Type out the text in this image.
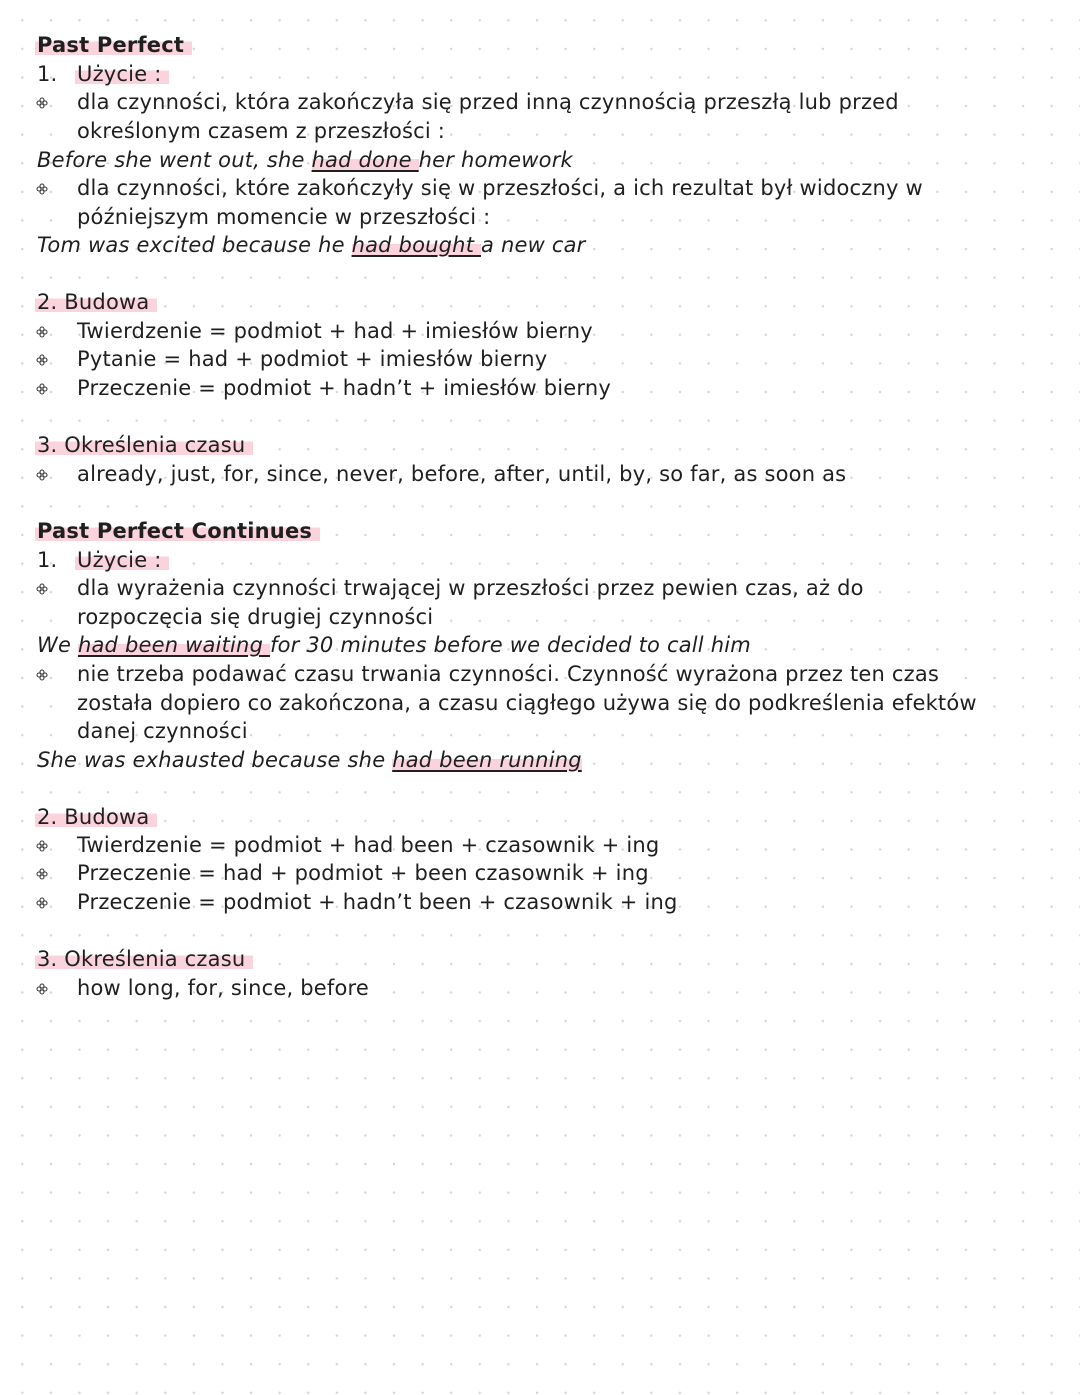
Past Perfect
1. Użycie :
dla czynności, która zakończyła się przed inną czynnością przeszłą lub przed
określonym czasem z przeszłości :
Before she went out, she had done her homework
dla czynności, które zakończyły się w przeszłości, a ich rezultat był widoczny w
późniejszym momencie w przeszłości :
Tom was excited because he had bought a new car
2. Budowa
Twierdzenie = podmiot + had + imiesłów bierny
Pytanie = had + podmiot + imiesłów bierny
Przeczenie = podmiot + hadn’t + imiesłów bierny
3. Określenia czasu
already, just, for, since, never, before, after, until, by, so far, as soon as
Past Perfect Continues
1. Użycie :
dla wyrażenia czynności trwającej w przeszłości przez pewien czas, aż do
rozpoczęcia się drugiej czynności
We had been waiting for 30 minutes before we decided to call him
nie trzeba podawać czasu trwania czynności. Czynność wyrażona przez ten czas
została dopiero co zakończona, a czasu ciągłego używa się do podkreślenia efektów
danej czynności
She was exhausted because she had been running
2. Budowa
Twierdzenie = podmiot + had been + czasownik + ing
Przeczenie = had + podmiot + been czasownik + ing
Przeczenie = podmiot + hadn’t been + czasownik + ing
3. Określenia czasu
how long, for, since, before
